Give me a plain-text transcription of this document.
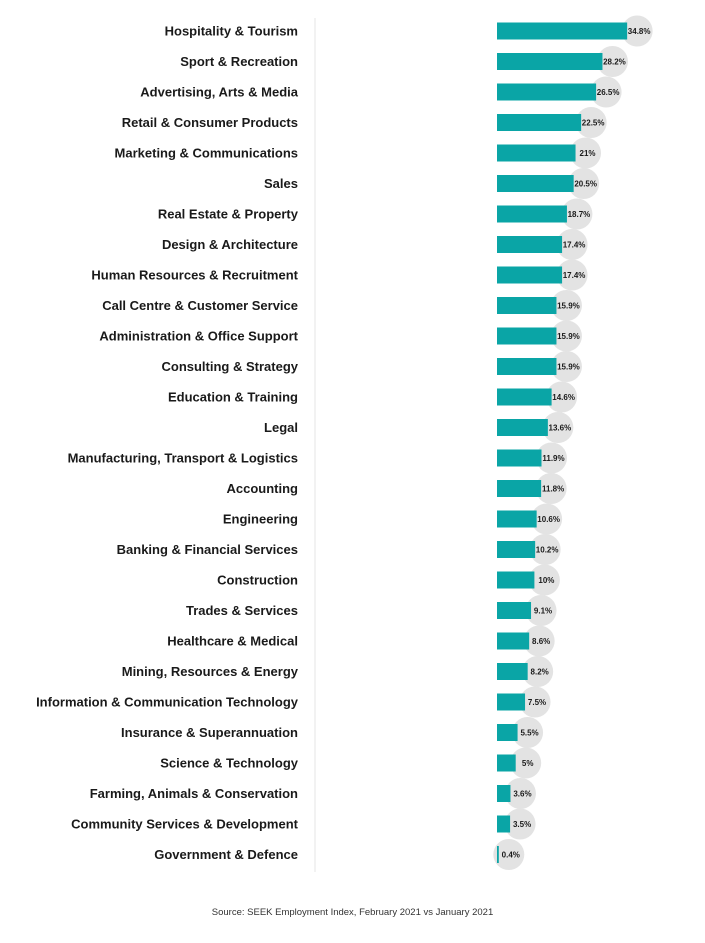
Hospitality & Tourism	34.8%
Sport & Recreation	28.2%
Advertising, Arts & Media	26.5%
Retail & Consumer Products	22.5%
Marketing & Communications	21%
Sales	20.5%
Real Estate & Property	18.7%
Design & Architecture	17.4%
Human Resources & Recruitment	17.4%
Call Centre & Customer Service	15.9%
Administration & Office Support	15.9%
Consulting & Strategy	15.9%
Education & Training	14.6%
Legal	13.6%
Manufacturing, Transport & Logistics	11.9%
Accounting	11.8%
Engineering	10.6%
Banking & Financial Services	10.2%
Construction	10%
Trades & Services	9.1%
Healthcare & Medical	8.6%
Mining, Resources & Energy	8.2%
Information & Communication Technology	7.5%
Insurance & Superannuation	5.5%
Science & Technology	5%
Farming, Animals & Conservation	3.6%
Community Services & Development	3.5%
Government & Defence	0.4%
Source: SEEK Employment Index, February 2021 vs January 2021
